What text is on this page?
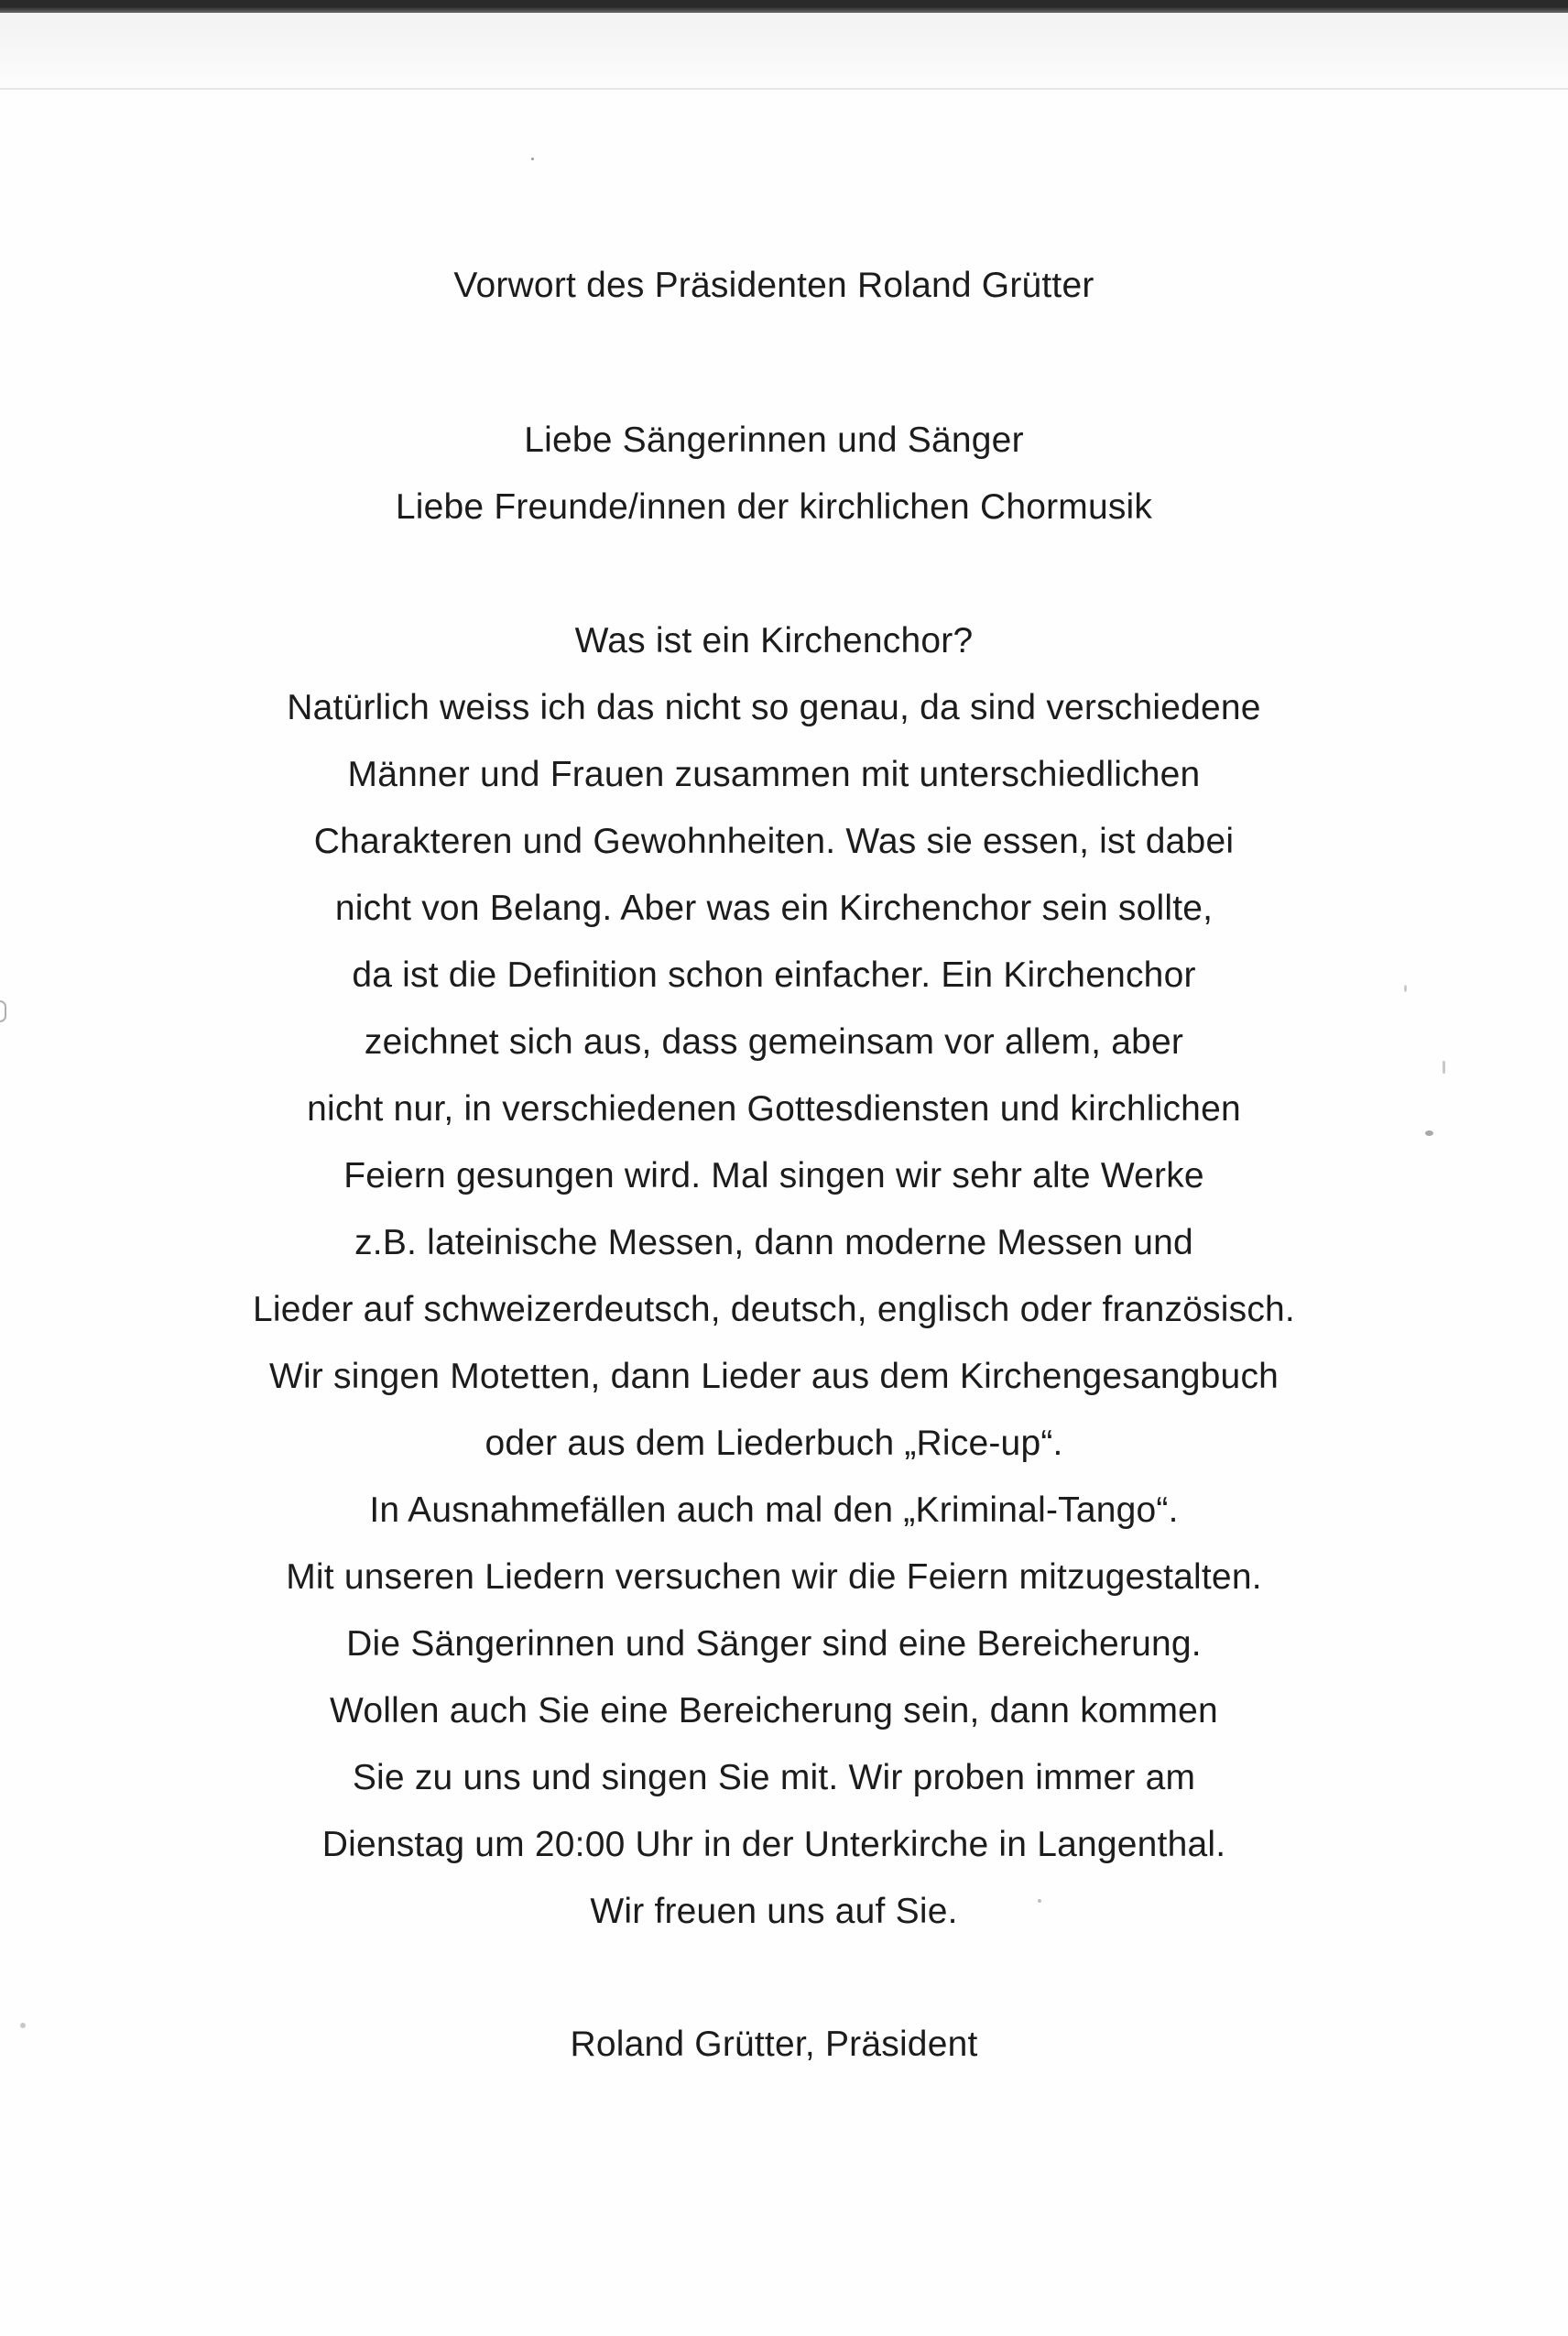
Vorwort des Präsidenten Roland Grütter
Liebe Sängerinnen und Sänger
Liebe Freunde/innen der kirchlichen Chormusik
Was ist ein Kirchenchor?
Natürlich weiss ich das nicht so genau, da sind verschiedene
Männer und Frauen zusammen mit unterschiedlichen
Charakteren und Gewohnheiten. Was sie essen, ist dabei
nicht von Belang. Aber was ein Kirchenchor sein sollte,
da ist die Definition schon einfacher. Ein Kirchenchor
zeichnet sich aus, dass gemeinsam vor allem, aber
nicht nur, in verschiedenen Gottesdiensten und kirchlichen
Feiern gesungen wird. Mal singen wir sehr alte Werke
z.B. lateinische Messen, dann moderne Messen und
Lieder auf schweizerdeutsch, deutsch, englisch oder französisch.
Wir singen Motetten, dann Lieder aus dem Kirchengesangbuch
oder aus dem Liederbuch „Rice-up“.
In Ausnahmefällen auch mal den „Kriminal-Tango“.
Mit unseren Liedern versuchen wir die Feiern mitzugestalten.
Die Sängerinnen und Sänger sind eine Bereicherung.
Wollen auch Sie eine Bereicherung sein, dann kommen
Sie zu uns und singen Sie mit. Wir proben immer am
Dienstag um 20:00 Uhr in der Unterkirche in Langenthal.
Wir freuen uns auf Sie.
Roland Grütter, Präsident
